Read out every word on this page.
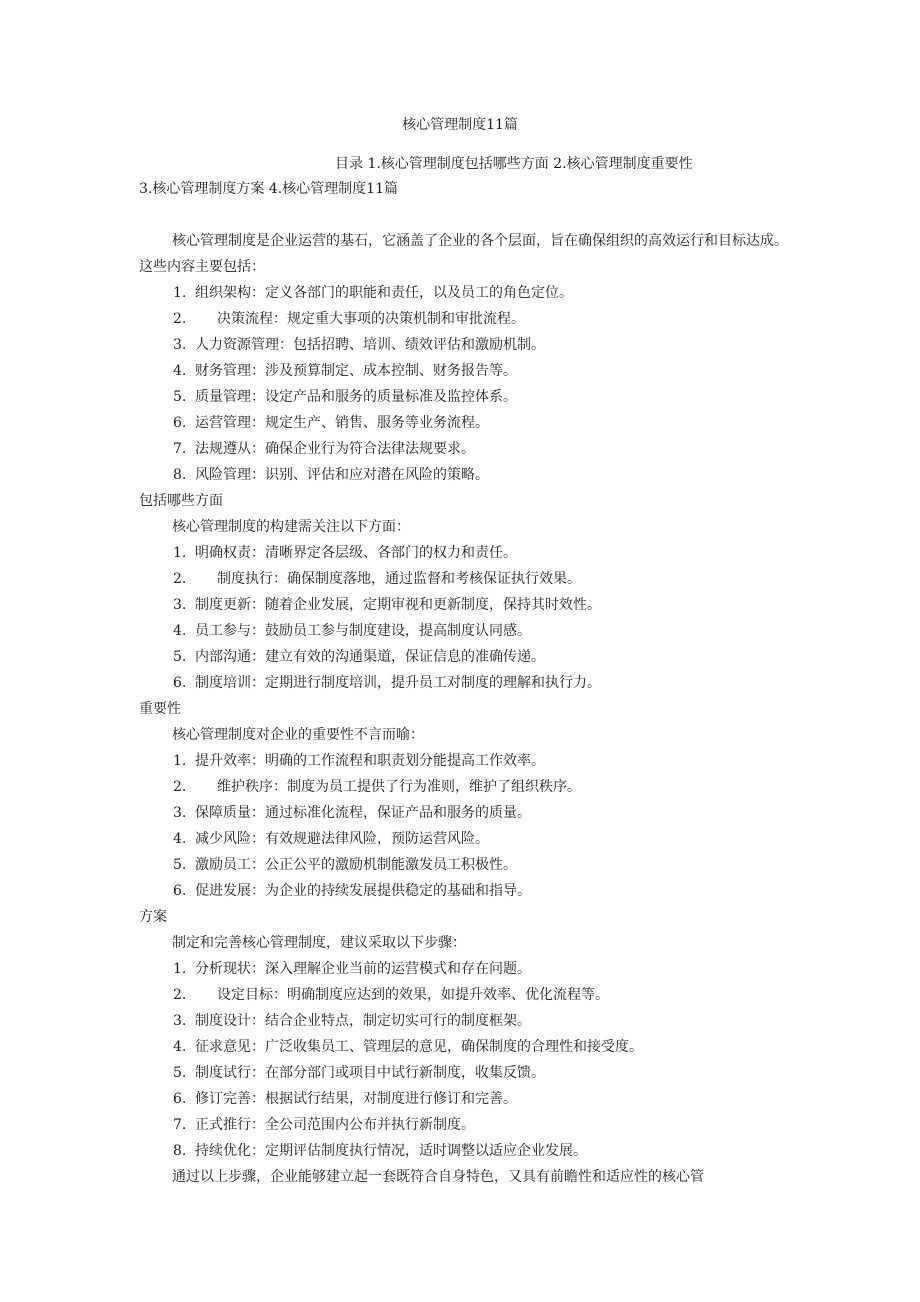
核心管理制度11篇
目录 1.核心管理制度包括哪些方面 2.核心管理制度重要性 3.核心管理制度方案 4.核心管理制度11篇

核心管理制度是企业运营的基石，它涵盖了企业的各个层面，旨在确保组织的高效运行和目标达成。这些内容主要包括：

1. 组织架构：定义各部门的职能和责任，以及员工的角色定位。

2. 决策流程：规定重大事项的决策机制和审批流程。

3. 人力资源管理：包括招聘、培训、绩效评估和激励机制。

4. 财务管理：涉及预算制定、成本控制、财务报告等。

5. 质量管理：设定产品和服务的质量标准及监控体系。

6. 运营管理：规定生产、销售、服务等业务流程。

7. 法规遵从：确保企业行为符合法律法规要求。

8. 风险管理：识别、评估和应对潜在风险的策略。

包括哪些方面

核心管理制度的构建需关注以下方面：

1. 明确权责：清晰界定各层级、各部门的权力和责任。

2. 制度执行：确保制度落地，通过监督和考核保证执行效果。

3. 制度更新：随着企业发展，定期审视和更新制度，保持其时效性。

4. 员工参与：鼓励员工参与制度建设，提高制度认同感。

5. 内部沟通：建立有效的沟通渠道，保证信息的准确传递。

6. 制度培训：定期进行制度培训，提升员工对制度的理解和执行力。

重要性

核心管理制度对企业的重要性不言而喻：

1. 提升效率：明确的工作流程和职责划分能提高工作效率。

2. 维护秩序：制度为员工提供了行为准则，维护了组织秩序。

3. 保障质量：通过标准化流程，保证产品和服务的质量。

4. 减少风险：有效规避法律风险，预防运营风险。

5. 激励员工：公正公平的激励机制能激发员工积极性。

6. 促进发展：为企业的持续发展提供稳定的基础和指导。

方案

制定和完善核心管理制度，建议采取以下步骤：

1. 分析现状：深入理解企业当前的运营模式和存在问题。

2. 设定目标：明确制度应达到的效果，如提升效率、优化流程等。

3. 制度设计：结合企业特点，制定切实可行的制度框架。

4. 征求意见：广泛收集员工、管理层的意见，确保制度的合理性和接受度。

5. 制度试行：在部分部门或项目中试行新制度，收集反馈。

6. 修订完善：根据试行结果，对制度进行修订和完善。

7. 正式推行：全公司范围内公布并执行新制度。

8. 持续优化：定期评估制度执行情况，适时调整以适应企业发展。

通过以上步骤，企业能够建立起一套既符合自身特色，又具有前瞻性和适应性的核心管
